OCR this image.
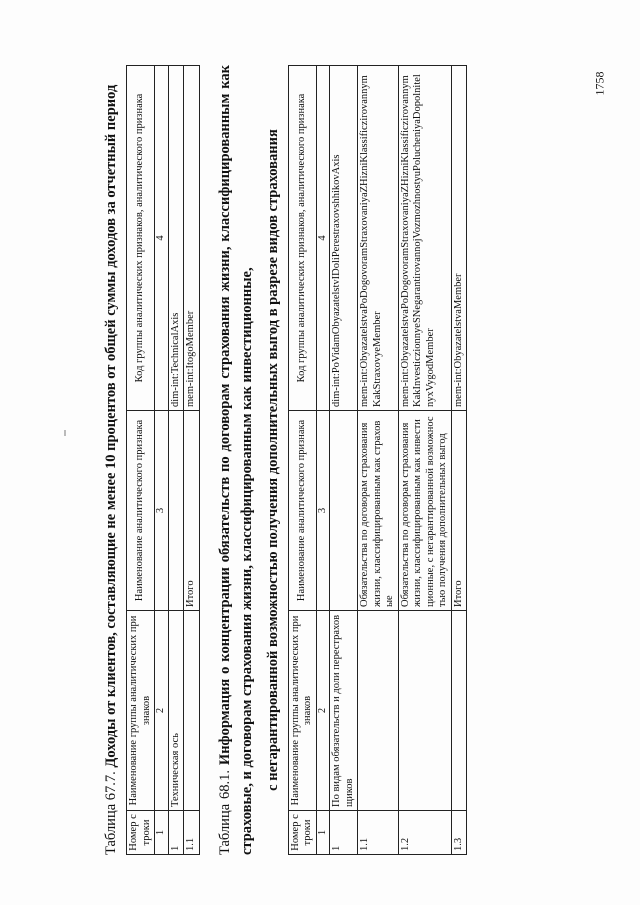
1758

Таблица 67.7. Доходы от клиентов, составляющие не менее 10 процентов от общей суммы доходов за отчетный период

Номер строки	Наименование группы аналитических признаков	Наименование аналитического признака	Код группы аналитических признаков, аналитического признака
1	2	3	4
1	Техническая ось		dim-int:TechnicalAxis
1.1		Итого	mem-int:ItogoMember

Таблица 68.1. Информация о концентрации обязательств по договорам страхования жизни, классифицированным как страховые, и договорам страхования жизни, классифицированным как инвестиционные, с негарантированной возможностью получения дополнительных выгод в разрезе видов страхования

Номер строки	Наименование группы аналитических признаков	Наименование аналитического признака	Код группы аналитических признаков, аналитического признака
1	2	3	4
1	По видам обязательств и доли перестраховщиков		dim-int:PoVidamObyazatelstvIDoliPerestraxovshhikovAxis
1.1		Обязательства по договорам страхования жизни, классифицированным как страховые	mem-int:ObyazatelstvaPoDogovoramStraxovaniyaZHizniKlassificzirovannymKakStraxovyeMember
1.2		Обязательства по договорам страхования жизни, классифицированным как инвестиционные, с негарантированной возможностью получения дополнительных выгод	mem-int:ObyazatelstvaPoDogovoramStraxovaniyaZHizniKlassificzirovannymKakInvesticzionnyeSNegarantirovannojVozmozhnostyuPolucheniyaDopolnitelnyxVygodMember
1.3		Итого	mem-int:ObyazatelstvaMember
